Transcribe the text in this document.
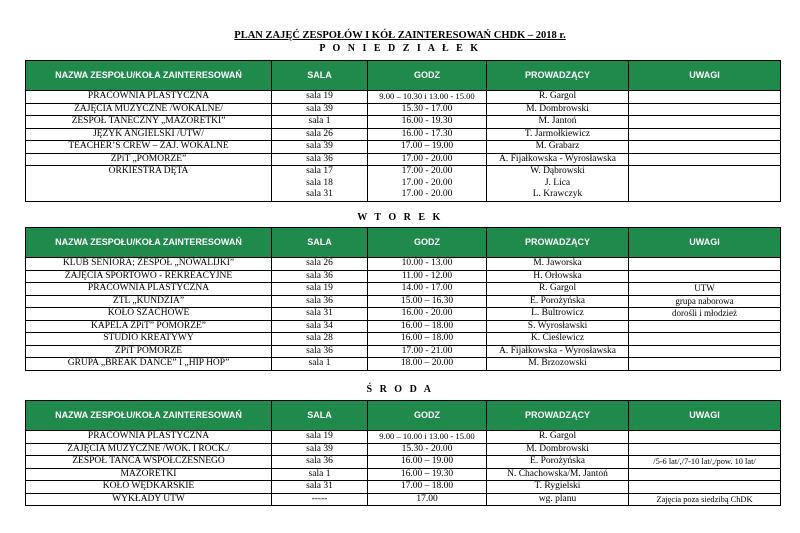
PLAN ZAJĘĆ ZESPOŁÓW I KÓŁ ZAINTERESOWAŃ CHDK – 2018 r.
P O N I E D Z I A Ł E K
NAZWA ZESPOŁU/KOŁA ZAINTERESOWAŃ	SALA	GODZ	PROWADZĄCY	UWAGI
PRACOWNIA PLASTYCZNA	sala 19	9.00 – 10.30 i 13.00 - 15.00	R. Gargol	
ZAJĘCIA MUZYCZNE /WOKALNE/	sala 39	15.30 - 17.00	M. Dombrowski	
ZESPÓŁ TANECZNY „MAŻORETKI”	sala 1	16.00 - 19.30	M. Jantoń	
JĘZYK ANGIELSKI /UTW/	sala 26	16.00 - 17.30	T. Jarmołkiewicz	
TEACHER’S CREW – ZAJ. WOKALNE	sala 39	17.00 – 19.00	M. Grabarz	
ZPiT „POMORZE”	sala 36	17.00 - 20.00	A. Fijałkowska - Wyrosławska	
ORKIESTRA DĘTA	sala 17	17.00 - 20.00	W. Dąbrowski	
	sala 18	17.00 - 20.00	J. Lica	
	sala 31	17.00 - 20.00	L. Krawczyk	
W T O R E K
NAZWA ZESPOŁU/KOŁA ZAINTERESOWAŃ	SALA	GODZ	PROWADZĄCY	UWAGI
KLUB SENIORA; ZESPÓŁ „NOWALIJKI”	sala 26	10.00 - 13.00	M. Jaworska	
ZAJĘCIA SPORTOWO - REKREACYJNE	sala 36	11.00 - 12.00	H. Orłowska	
PRACOWNIA PLASTYCZNA	sala 19	14.00 - 17.00	R. Gargol	UTW
ZTL „KUNDZIA”	sala 36	15.00 – 16.30	E. Porożyńska	grupa naborowa
KOŁO SZACHOWE	sala 31	16.00 - 20.00	L. Bultrowicz	dorośli i młodzież
KAPELA ZPiT” POMORZE”	sala 34	16.00 – 18.00	S. Wyrosławski	
STUDIO KREATYWY	sala 28	16.00 – 18.00	K. Cieślewicz	
ZPiT POMORZE	sala 36	17.00 - 21.00	A. Fijałkowska - Wyrosławska	
GRUPA „BREAK DANCE” I „HIP HOP”	sala 1	18.00 – 20.00	M. Brzozowski	
Ś R O D A
NAZWA ZESPOŁU/KOŁA ZAINTERESOWAŃ	SALA	GODZ	PROWADZĄCY	UWAGI
PRACOWNIA PLASTYCZNA	sala 19	9.00 – 10.00 i 13.00 - 15.00	R. Gargol	
ZAJĘCIA MUZYCZNE /WOK. I ROCK./	sala 39	15.30 - 20.00	M. Dombrowski	
ZESPÓŁ TAŃCA WSPÓŁCZESNEGO	sala 36	16.00 – 19.00	E. Porożyńska	/5-6 lat/,/7-10 lat/,/pow. 10 lat/
MAŻORETKI	sala 1	16.00 – 19.30	N. Chachowska/M. Jantoń	
KOŁO WĘDKARSKIE	sala 31	17.00 – 18.00	T. Rygielski	
WYKŁADY UTW	-----	17.00	wg. planu	Zajęcia poza siedzibą ChDK
